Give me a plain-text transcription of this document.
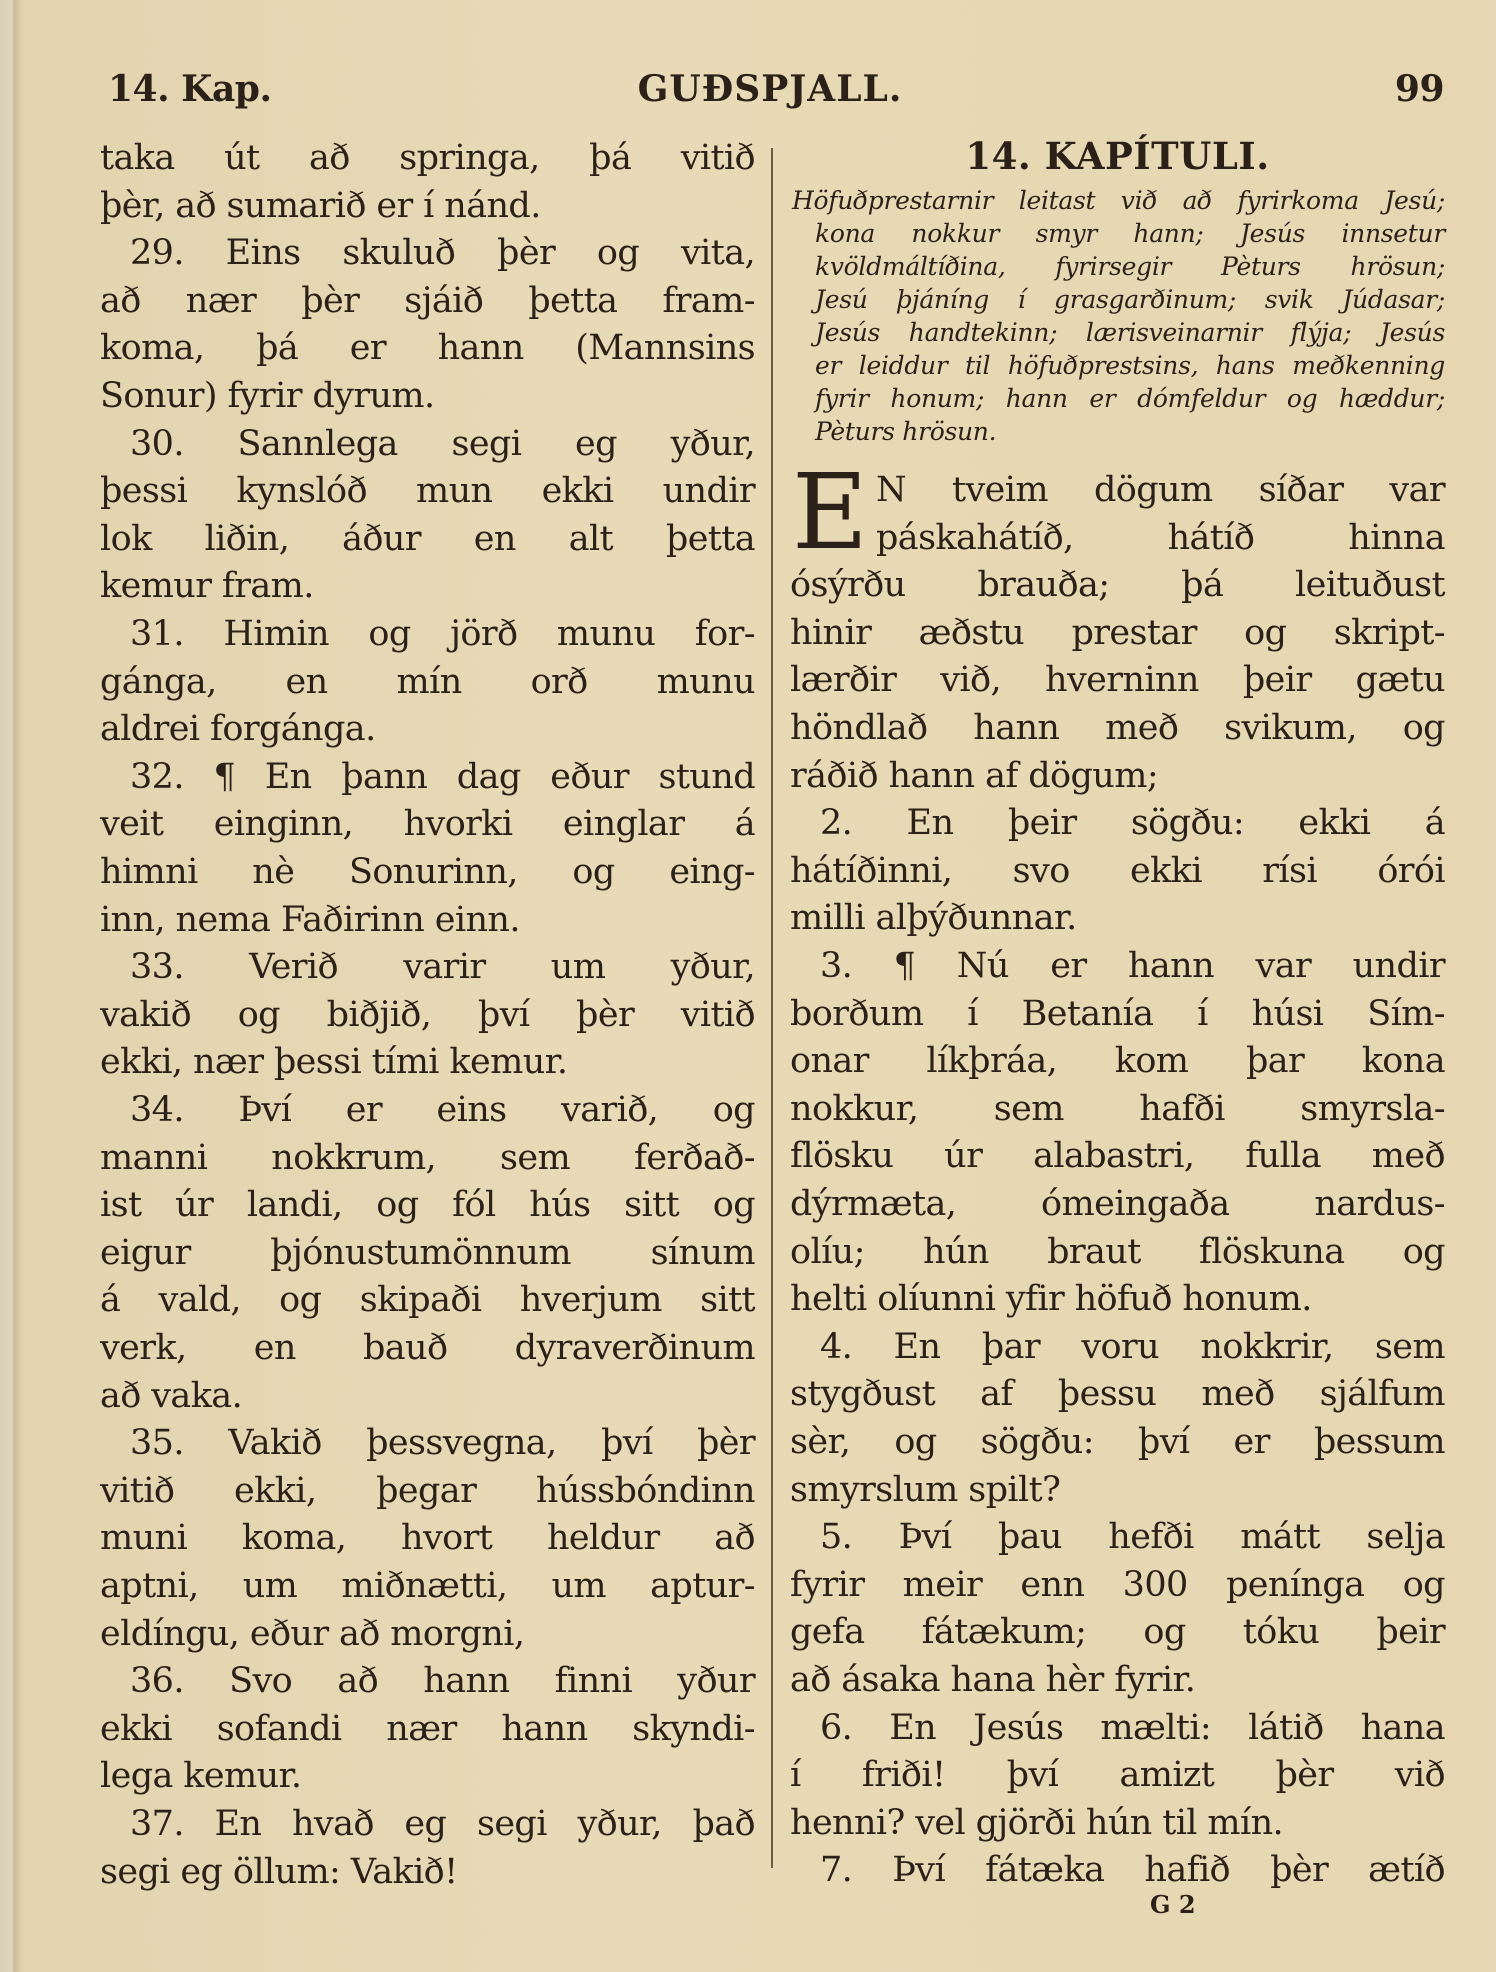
14. Kap.	GUÐSPJALL.	99
taka út að springa, þá vitið
þèr, að sumarið er í nánd.
29. Eins skuluð þèr og vita,
að nær þèr sjáið þetta fram-
koma, þá er hann (Mannsins
Sonur) fyrir dyrum.
30. Sannlega segi eg yður,
þessi kynslóð mun ekki undir
lok liðin, áður en alt þetta
kemur fram.
31. Himin og jörð munu for-
gánga, en mín orð munu
aldrei forgánga.
32. ¶ En þann dag eður stund
veit einginn, hvorki einglar á
himni nè Sonurinn, og eing-
inn, nema Faðirinn einn.
33. Verið varir um yður,
vakið og biðjið, því þèr vitið
ekki, nær þessi tími kemur.
34. Því er eins varið, og
manni nokkrum, sem ferðað-
ist úr landi, og fól hús sitt og
eigur þjónustumönnum sínum
á vald, og skipaði hverjum sitt
verk, en bauð dyraverðinum
að vaka.
35. Vakið þessvegna, því þèr
vitið ekki, þegar hússbóndinn
muni koma, hvort heldur að
aptni, um miðnætti, um aptur-
eldíngu, eður að morgni,
36. Svo að hann finni yður
ekki sofandi nær hann skyndi-
lega kemur.
37. En hvað eg segi yður, það
segi eg öllum: Vakið!
14. KAPÍTULI.
Höfuðprestarnir leitast við að fyrirkoma Jesú;
kona nokkur smyr hann; Jesús innsetur
kvöldmáltíðina, fyrirsegir Pèturs hrösun;
Jesú þjáníng í grasgarðinum; svik Júdasar;
Jesús handtekinn; lærisveinarnir flýja; Jesús
er leiddur til höfuðprestsins, hans meðkenning
fyrir honum; hann er dómfeldur og hæddur;
Pèturs hrösun.
E N tveim dögum síðar var
páskahátíð, hátíð hinna
ósýrðu brauða; þá leituðust
hinir æðstu prestar og skript-
lærðir við, hverninn þeir gætu
höndlað hann með svikum, og
ráðið hann af dögum;
2. En þeir sögðu: ekki á
hátíðinni, svo ekki rísi órói
milli alþýðunnar.
3. ¶ Nú er hann var undir
borðum í Betanía í húsi Sím-
onar líkþráa, kom þar kona
nokkur, sem hafði smyrsla-
flösku úr alabastri, fulla með
dýrmæta, ómeingaða nardus-
olíu; hún braut flöskuna og
helti olíunni yfir höfuð honum.
4. En þar voru nokkrir, sem
stygðust af þessu með sjálfum
sèr, og sögðu: því er þessum
smyrslum spilt?
5. Því þau hefði mátt selja
fyrir meir enn 300 penínga og
gefa fátækum; og tóku þeir
að ásaka hana hèr fyrir.
6. En Jesús mælti: látið hana
í friði! því amizt þèr við
henni? vel gjörði hún til mín.
7. Því fátæka hafið þèr ætíð
G 2
